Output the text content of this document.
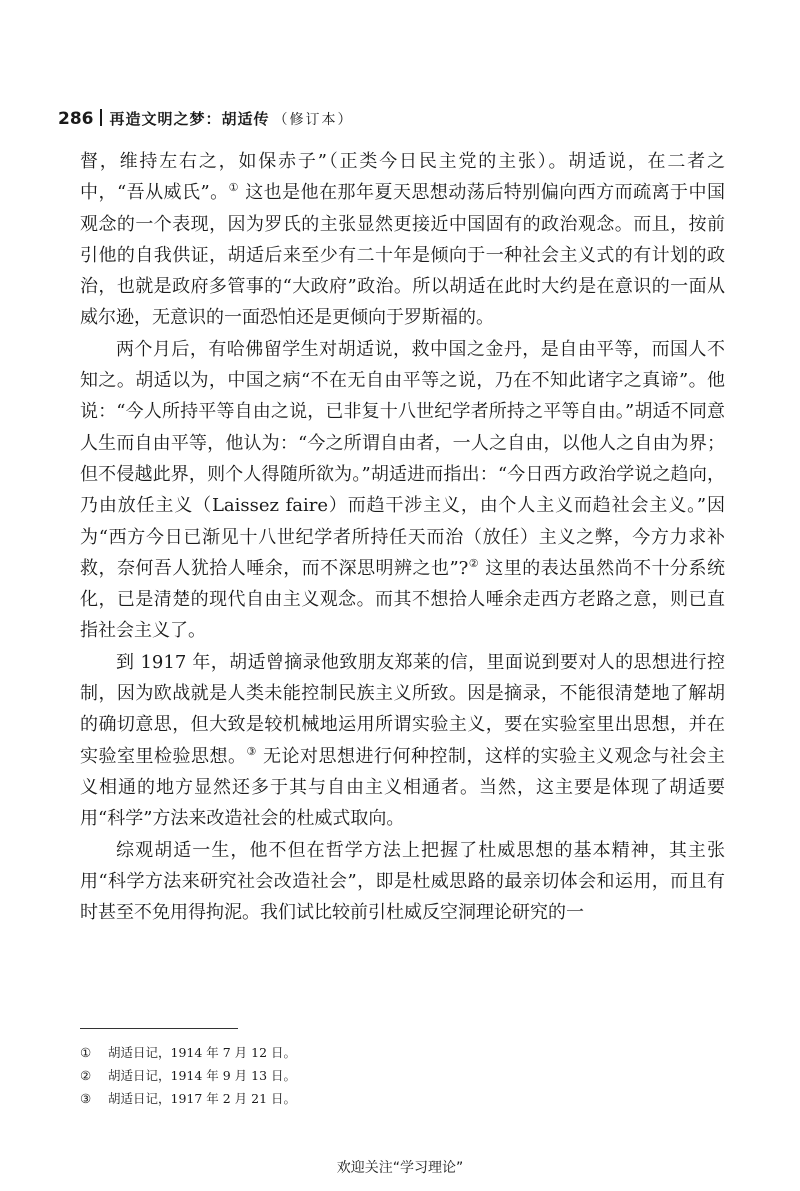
286 再造文明之梦：胡适传 （修订本）

督，维持左右之，如保赤子”（正类今日民主党的主张）。胡适说，在二者之中，“吾从威氏”。① 这也是他在那年夏天思想动荡后特别偏向西方而疏离于中国观念的一个表现，因为罗氏的主张显然更接近中国固有的政治观念。而且，按前引他的自我供证，胡适后来至少有二十年是倾向于一种社会主义式的有计划的政治，也就是政府多管事的“大政府”政治。所以胡适在此时大约是在意识的一面从威尔逊，无意识的一面恐怕还是更倾向于罗斯福的。

两个月后，有哈佛留学生对胡适说，救中国之金丹，是自由平等，而国人不知之。胡适以为，中国之病“不在无自由平等之说，乃在不知此诸字之真谛”。他说：“今人所持平等自由之说，已非复十八世纪学者所持之平等自由。”胡适不同意人生而自由平等，他认为：“今之所谓自由者，一人之自由，以他人之自由为界；但不侵越此界，则个人得随所欲为。”胡适进而指出：“今日西方政治学说之趋向，乃由放任主义（Laissez faire）而趋干涉主义，由个人主义而趋社会主义。”因为“西方今日已渐见十八世纪学者所持任天而治（放任）主义之弊，今方力求补救，奈何吾人犹拾人唾余，而不深思明辨之也”?② 这里的表达虽然尚不十分系统化，已是清楚的现代自由主义观念。而其不想拾人唾余走西方老路之意，则已直指社会主义了。

到 1917 年，胡适曾摘录他致朋友郑莱的信，里面说到要对人的思想进行控制，因为欧战就是人类未能控制民族主义所致。因是摘录，不能很清楚地了解胡的确切意思，但大致是较机械地运用所谓实验主义，要在实验室里出思想，并在实验室里检验思想。③ 无论对思想进行何种控制，这样的实验主义观念与社会主义相通的地方显然还多于其与自由主义相通者。当然，这主要是体现了胡适要用“科学”方法来改造社会的杜威式取向。

综观胡适一生，他不但在哲学方法上把握了杜威思想的基本精神，其主张用“科学方法来研究社会改造社会”，即是杜威思路的最亲切体会和运用，而且有时甚至不免用得拘泥。我们试比较前引杜威反空洞理论研究的一

① 胡适日记，1914 年 7 月 12 日。
② 胡适日记，1914 年 9 月 13 日。
③ 胡适日记，1917 年 2 月 21 日。
欢迎关注“学习理论”
